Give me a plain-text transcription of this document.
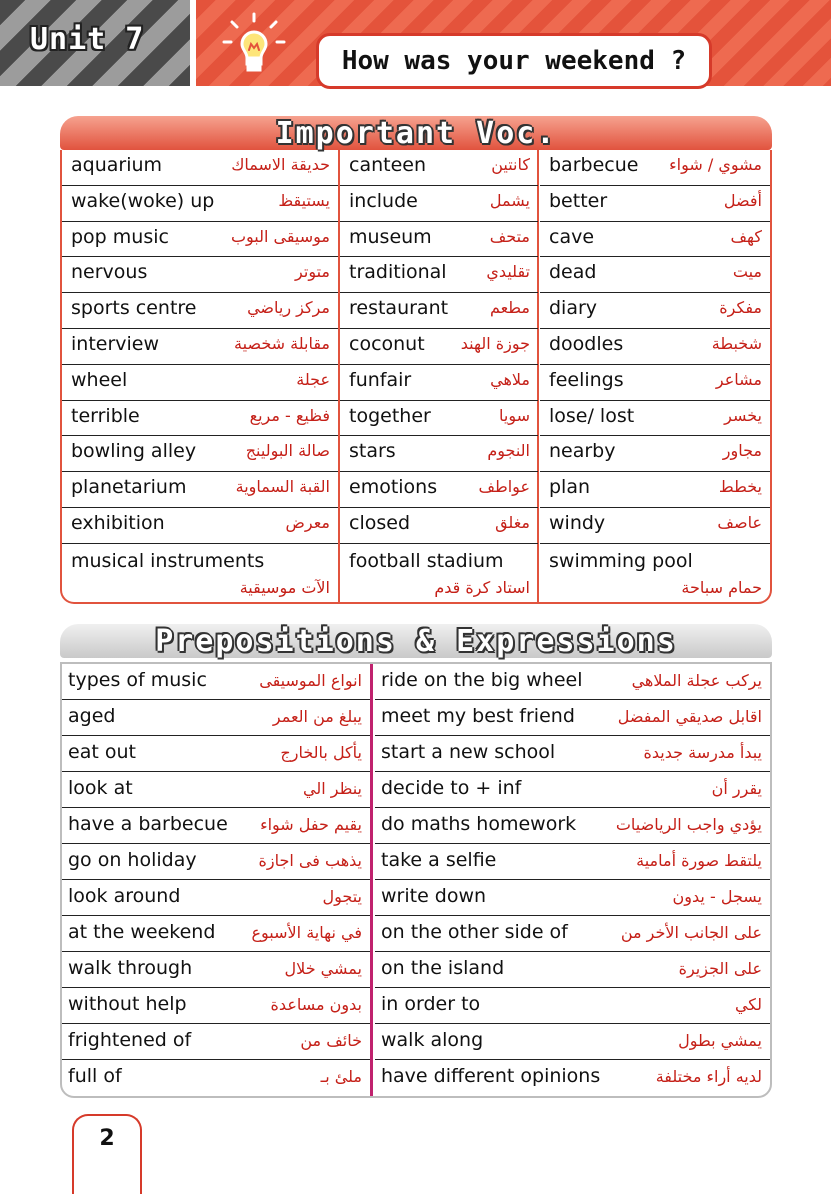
Unit 7
How was your weekend ?
Important Voc.
aquarium	حديقة الاسماك
wake(woke) up	يستيقظ
pop music	موسيقى البوب
nervous	متوتر
sports centre	مركز رياضي
interview	مقابلة شخصية
wheel	عجلة
terrible	فظيع - مريع
bowling alley	صالة البولينج
planetarium	القبة السماوية
exhibition	معرض
musical instruments
الآت موسيقية
canteen	كانتين
include	يشمل
museum	متحف
traditional تقليدي
restaurant	مطعم
coconut جوزة الهند
funfair	ملاهي
together	سويا
stars	النجوم
emotions	عواطف
closed	مغلق
football stadium
استاد كرة قدم
barbecue مشوي / شواء
better	أفضل
cave	كهف
dead	ميت
diary	مفكرة
doodles	شخبطة
feelings	مشاعر
lose/ lost	يخسر
nearby	مجاور
plan	يخطط
windy	عاصف
swimming pool
حمام سباحة
Prepositions & Expressions
types of music	انواع الموسيقى
aged	يبلغ من العمر
eat out	يأكل بالخارج
look at	ينظر الي
have a barbecue يقيم حفل شواء
go on holiday	يذهب فى اجازة
look around	يتجول
at the weekend في نهاية الأسبوع
walk through	يمشي خلال
without help	بدون مساعدة
frightened of	خائف من
full of	ملئ بـ
ride on the big wheel	يركب عجلة الملاهي
meet my best friend	اقابل صديقي المفضل
start a new school	يبدأ مدرسة جديدة
decide to + inf	يقرر أن
do maths homework يؤدي واجب الرياضيات
take a selfie	يلتقط صورة أمامية
write down	يسجل - يدون
on the other side of	على الجانب الأخر من
on the island	على الجزيرة
in order to	لكي
walk along	يمشي بطول
have different opinions	لديه أراء مختلفة
2
